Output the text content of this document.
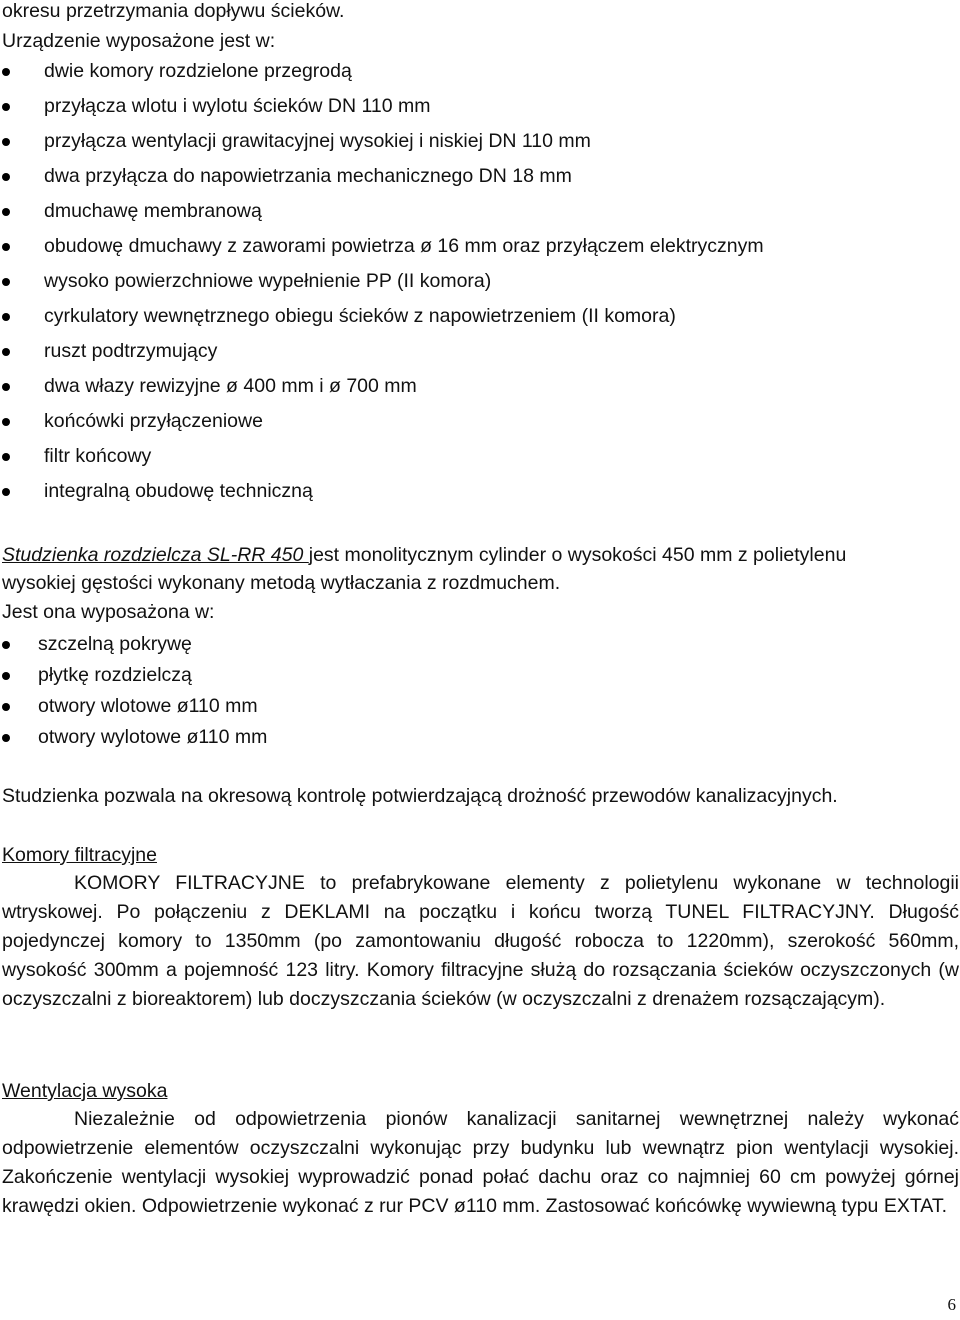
okresu przetrzymania dopływu ścieków.
Urządzenie wyposażone jest w:
dwie komory rozdzielone przegrodą
przyłącza wlotu i wylotu ścieków DN 110 mm
przyłącza wentylacji grawitacyjnej wysokiej i niskiej DN 110 mm
dwa przyłącza do napowietrzania mechanicznego DN 18 mm
dmuchawę membranową
obudowę dmuchawy z zaworami powietrza ø 16 mm oraz przyłączem elektrycznym
wysoko powierzchniowe wypełnienie PP (II komora)
cyrkulatory wewnętrznego obiegu ścieków z napowietrzeniem (II komora)
ruszt podtrzymujący
dwa włazy rewizyjne ø 400 mm i ø 700 mm
końcówki przyłączeniowe
filtr końcowy
integralną obudowę techniczną
Studzienka rozdzielcza SL-RR 450 jest monolitycznym cylinder o wysokości 450 mm z polietylenu
wysokiej gęstości wykonany metodą wytłaczania z rozdmuchem.
Jest ona wyposażona w:
szczelną pokrywę
płytkę rozdzielczą
otwory wlotowe ø110 mm
otwory wylotowe ø110 mm
Studzienka pozwala na okresową kontrolę potwierdzającą drożność przewodów kanalizacyjnych.
Komory filtracyjne
KOMORY FILTRACYJNE to prefabrykowane elementy z polietylenu wykonane w technologii wtryskowej. Po połączeniu z DEKLAMI na początku i końcu tworzą TUNEL FILTRACYJNY. Długość pojedynczej komory to 1350mm (po zamontowaniu długość robocza to 1220mm), szerokość 560mm, wysokość 300mm a pojemność 123 litry. Komory filtracyjne służą do rozsączania ścieków oczyszczonych (w oczyszczalni z bioreaktorem) lub doczyszczania ścieków (w oczyszczalni z drenażem rozsączającym).
Wentylacja wysoka
Niezależnie od odpowietrzenia pionów kanalizacji sanitarnej wewnętrznej należy wykonać odpowietrzenie elementów oczyszczalni wykonując przy budynku lub wewnątrz pion wentylacji wysokiej. Zakończenie wentylacji wysokiej wyprowadzić ponad połać dachu oraz co najmniej 60 cm powyżej górnej krawędzi okien. Odpowietrzenie wykonać z rur PCV ø110 mm. Zastosować końcówkę wywiewną typu EXTAT.
6
